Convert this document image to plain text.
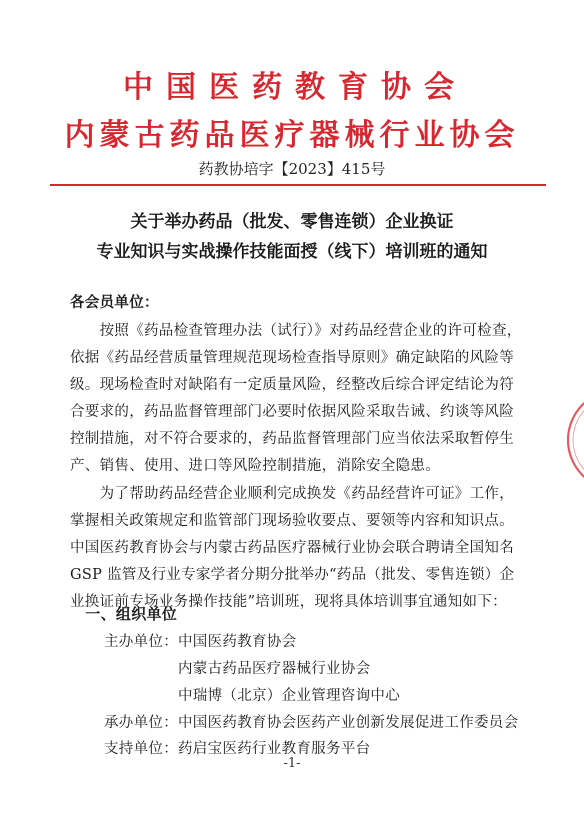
中国医药教育协会
内蒙古药品医疗器械行业协会
药教协培字【2023】415号
关于举办药品（批发、零售连锁）企业换证
专业知识与实战操作技能面授（线下）培训班的通知
各会员单位：
　　按照《药品检查管理办法（试行）》对药品经营企业的许可检查，
依据《药品经营质量管理规范现场检查指导原则》确定缺陷的风险等
级。现场检查时对缺陷有一定质量风险，经整改后综合评定结论为符
合要求的，药品监督管理部门必要时依据风险采取告诫、约谈等风险
控制措施，对不符合要求的，药品监督管理部门应当依法采取暂停生
产、销售、使用、进口等风险控制措施，消除安全隐患。
　　为了帮助药品经营企业顺利完成换发《药品经营许可证》工作，
掌握相关政策规定和监管部门现场验收要点、要领等内容和知识点。
中国医药教育协会与内蒙古药品医疗器械行业协会联合聘请全国知名
GSP 监管及行业专家学者分期分批举办“药品（批发、零售连锁）企
业换证前专场业务操作技能”培训班，现将具体培训事宜通知如下：
　一、组织单位
主办单位： 中国医药教育协会
内蒙古药品医疗器械行业协会
中瑞博（北京）企业管理咨询中心
承办单位： 中国医药教育协会医药产业创新发展促进工作委员会
支持单位： 药启宝医药行业教育服务平台
-1-
